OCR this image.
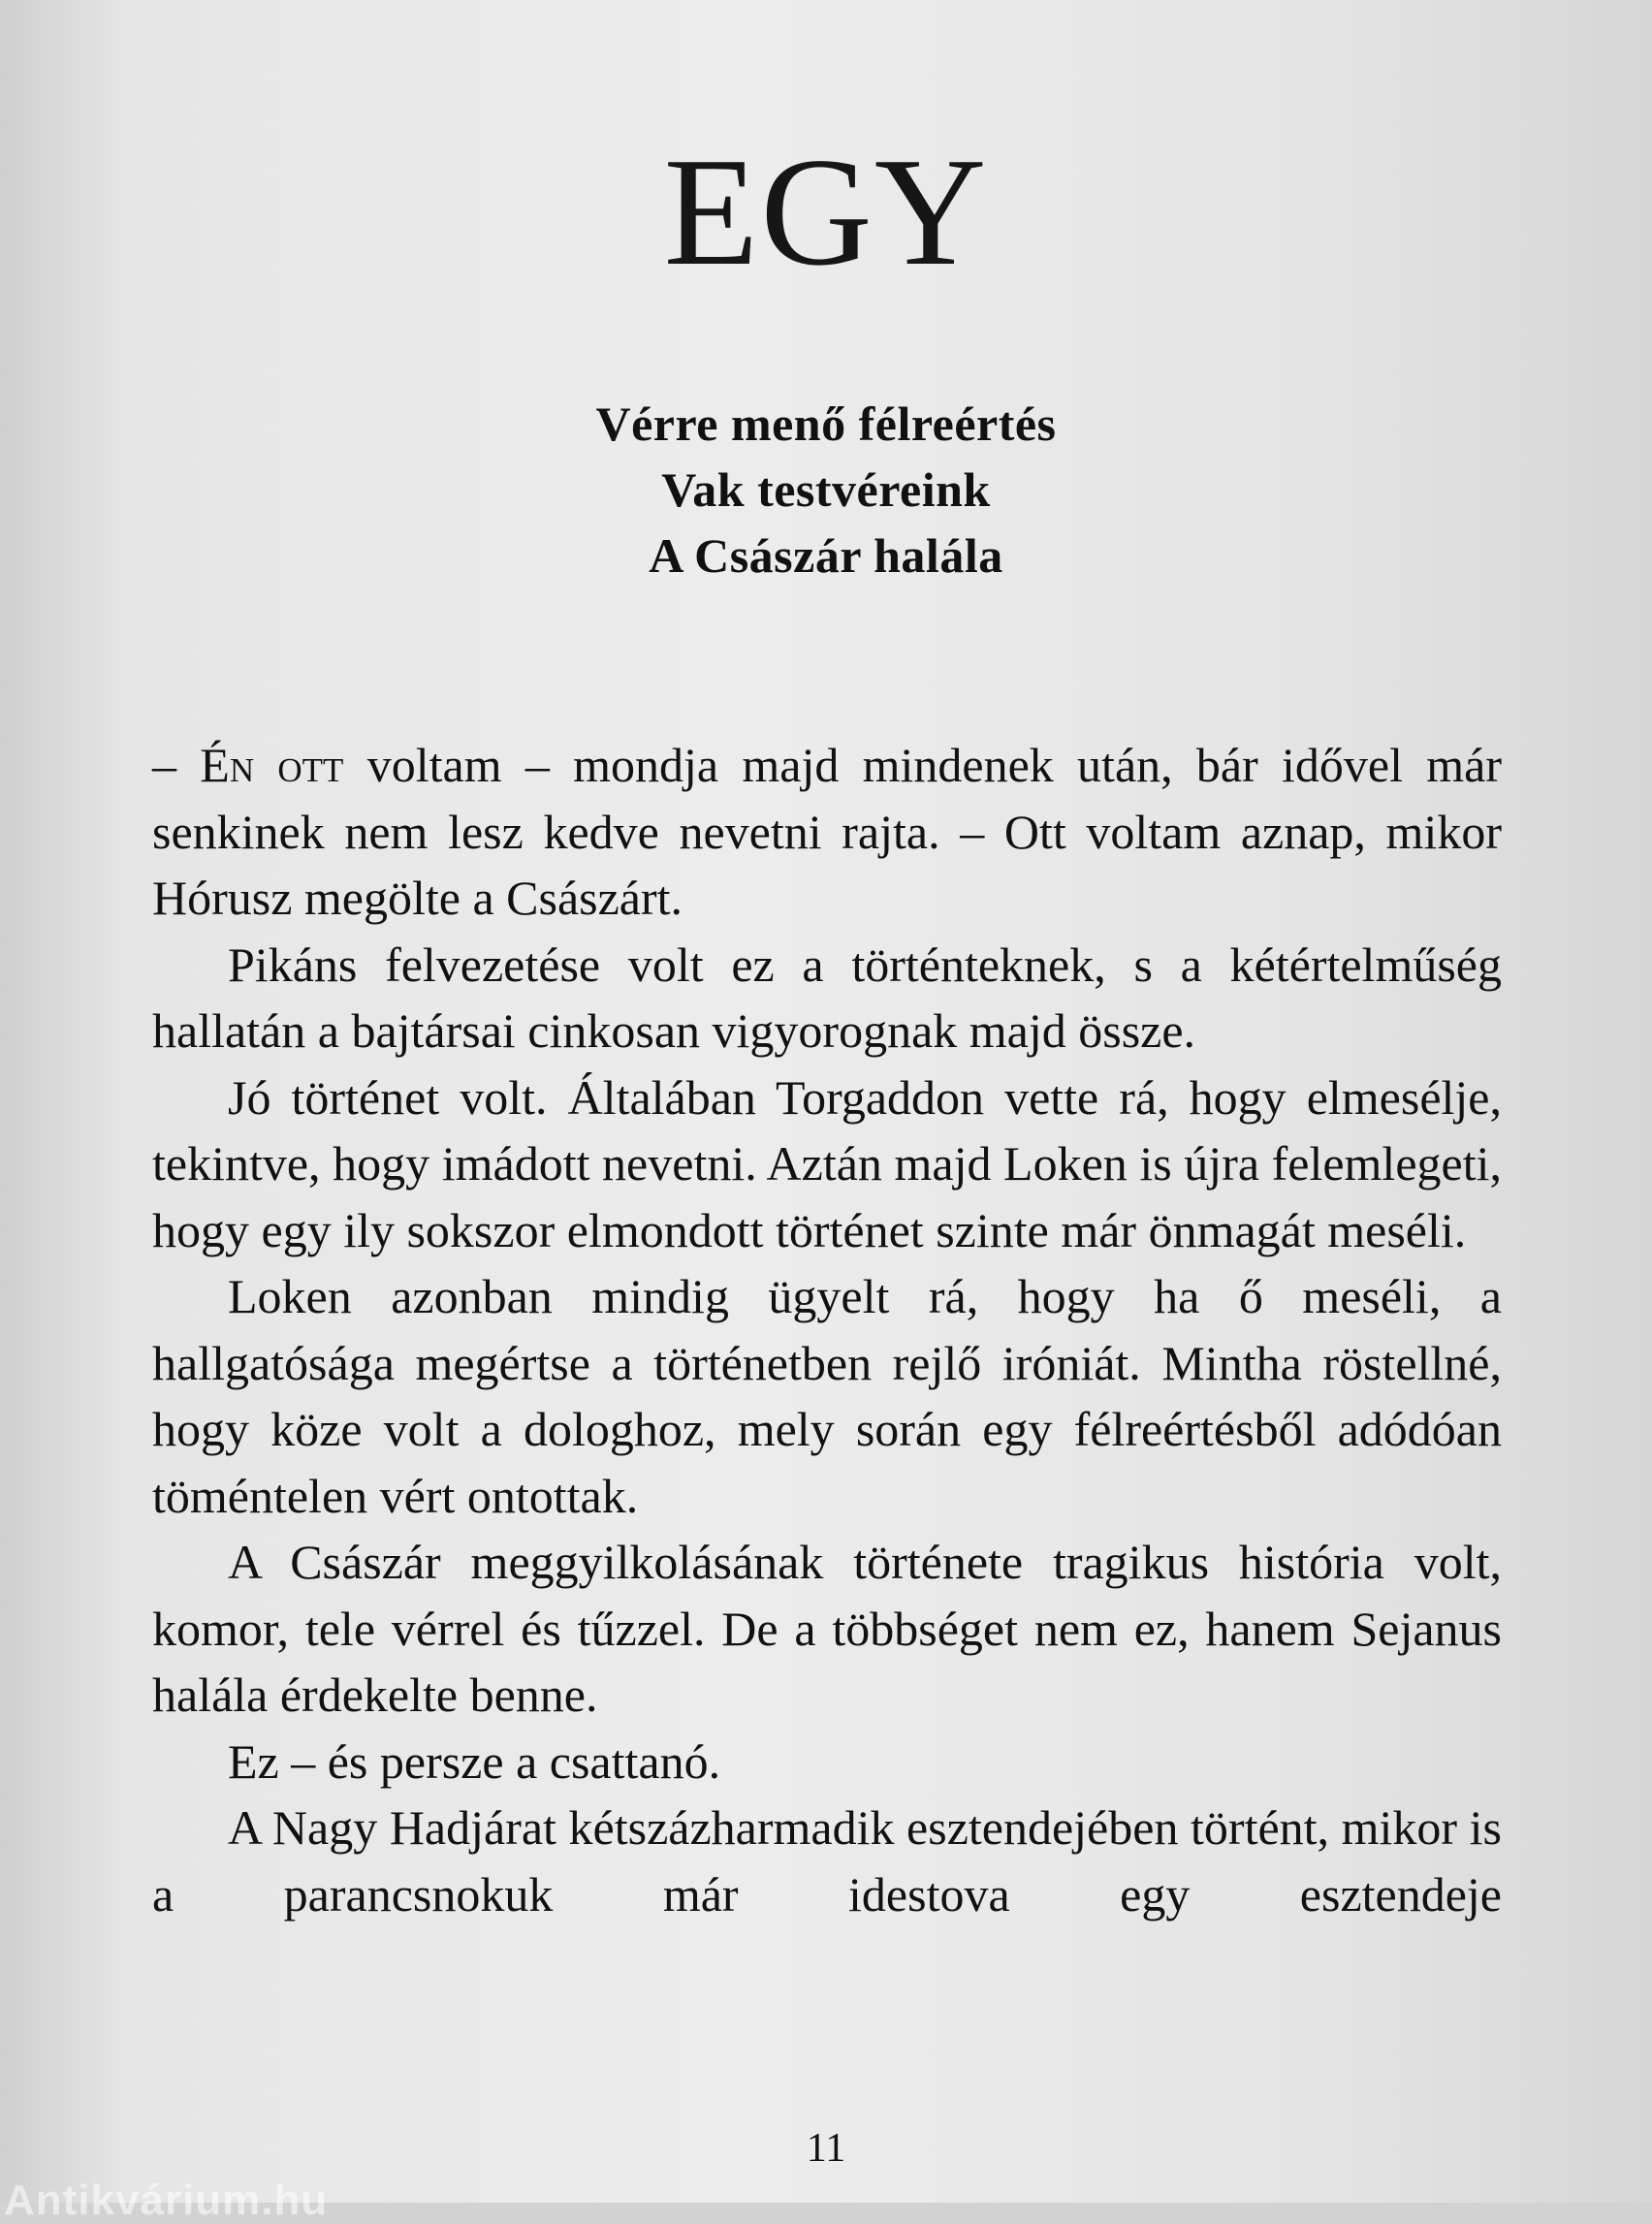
EGY
Vérre menő félreértés
Vak testvéreink
A Császár halála

– Én ott voltam – mondja majd mindenek után, bár idővel már senkinek nem lesz kedve nevetni rajta. – Ott voltam aznap, mikor Hórusz megölte a Császárt.

Pikáns felvezetése volt ez a történteknek, s a kétértelműség hallatán a bajtársai cinkosan vigyorognak majd össze.

Jó történet volt. Általában Torgaddon vette rá, hogy elmesélje, tekintve, hogy imádott nevetni. Aztán majd Loken is újra felemlegeti, hogy egy ily sokszor elmondott történet szinte már önmagát meséli.

Loken azonban mindig ügyelt rá, hogy ha ő meséli, a hallgatósága megértse a történetben rejlő iróniát. Mintha röstellné, hogy köze volt a dologhoz, mely során egy félreértésből adódóan töméntelen vért ontottak.

A Császár meggyilkolásának története tragikus história volt, komor, tele vérrel és tűzzel. De a többséget nem ez, hanem Sejanus halála érdekelte benne.

Ez – és persze a csattanó.

A Nagy Hadjárat kétszázharmadik esztendejében történt, mikor is a parancsnokuk már idestova egy esztendeje

11
Antikvárium.hu
